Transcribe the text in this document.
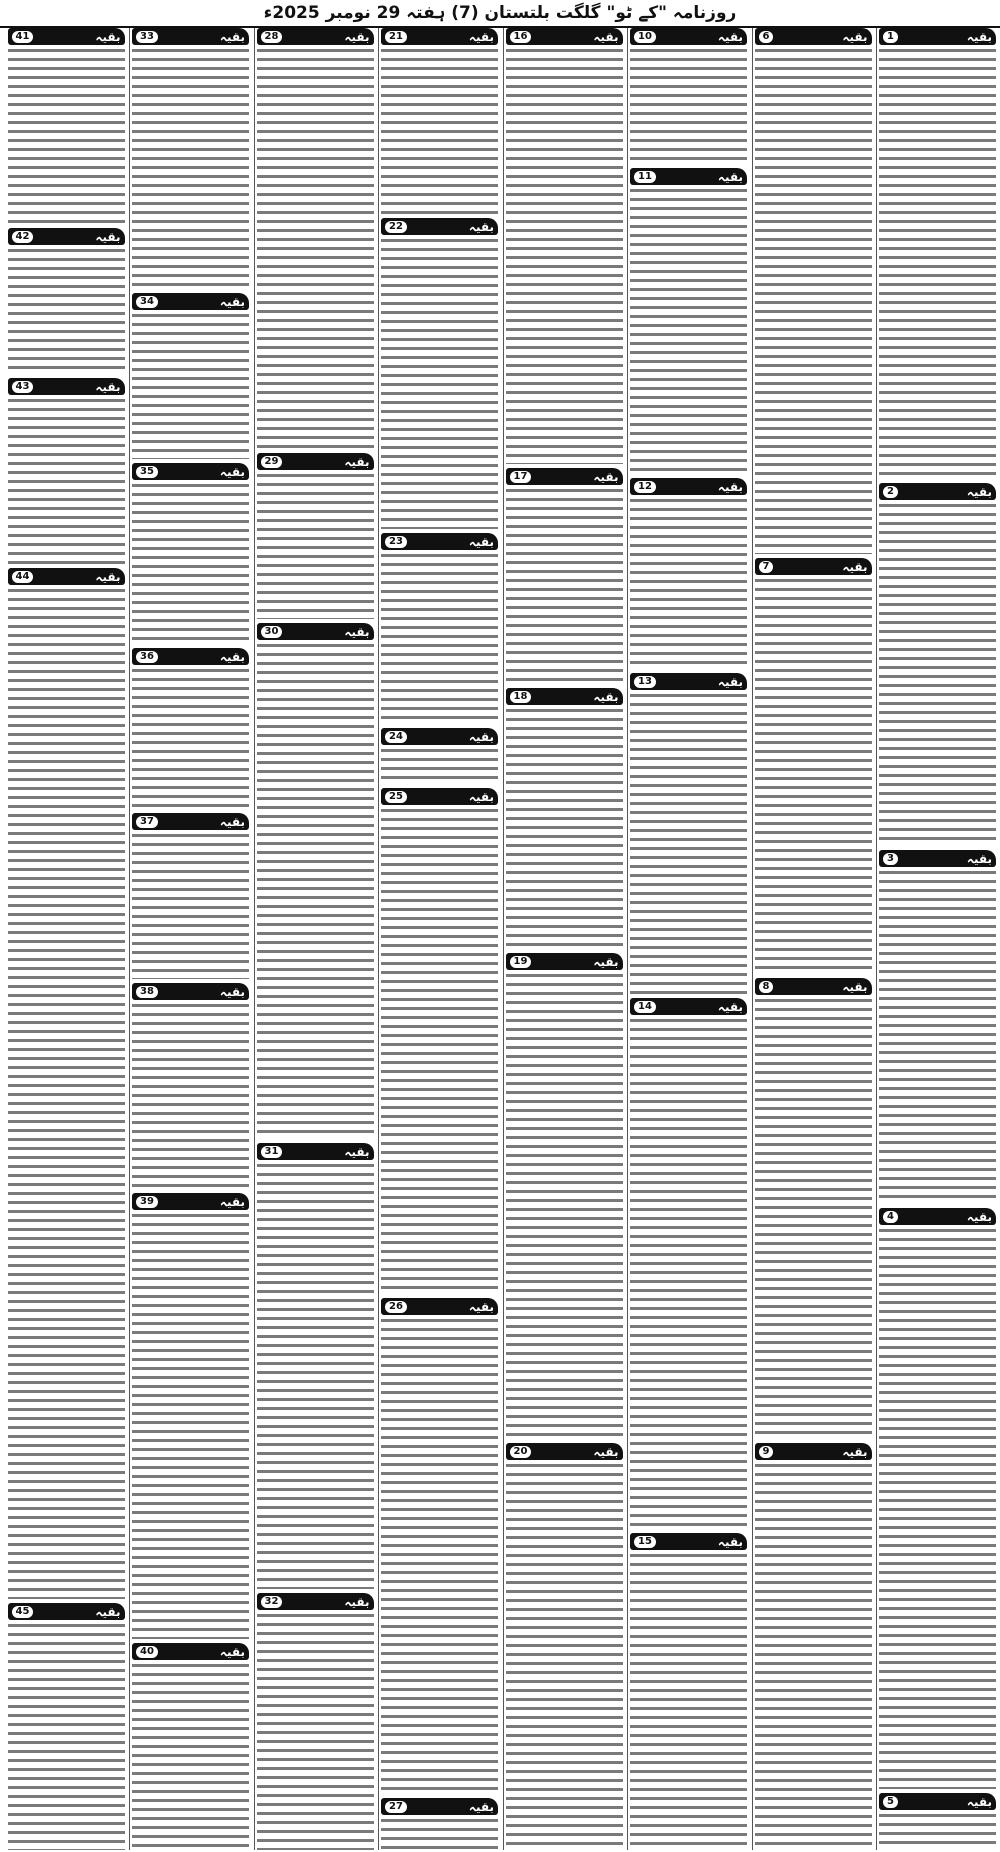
روزنامہ "کے ٹو" گلگت بلتستان (7) ہفتہ 29 نومبر 2025ء
1	بقیہ
2	بقیہ
3	بقیہ
4	بقیہ
5	بقیہ
6	بقیہ
7	بقیہ
8	بقیہ
9	بقیہ
10	بقیہ
11	بقیہ
12	بقیہ
13	بقیہ
14	بقیہ
15	بقیہ
16	بقیہ
17	بقیہ
18	بقیہ
19	بقیہ
20	بقیہ
21	بقیہ
22	بقیہ
23	بقیہ
24	بقیہ
25	بقیہ
26	بقیہ
27	بقیہ
28	بقیہ
29	بقیہ
30	بقیہ
31	بقیہ
32	بقیہ
33	بقیہ
34	بقیہ
35	بقیہ
36	بقیہ
37	بقیہ
38	بقیہ
39	بقیہ
40	بقیہ
41	بقیہ
42	بقیہ
43	بقیہ
44	بقیہ
45	بقیہ
